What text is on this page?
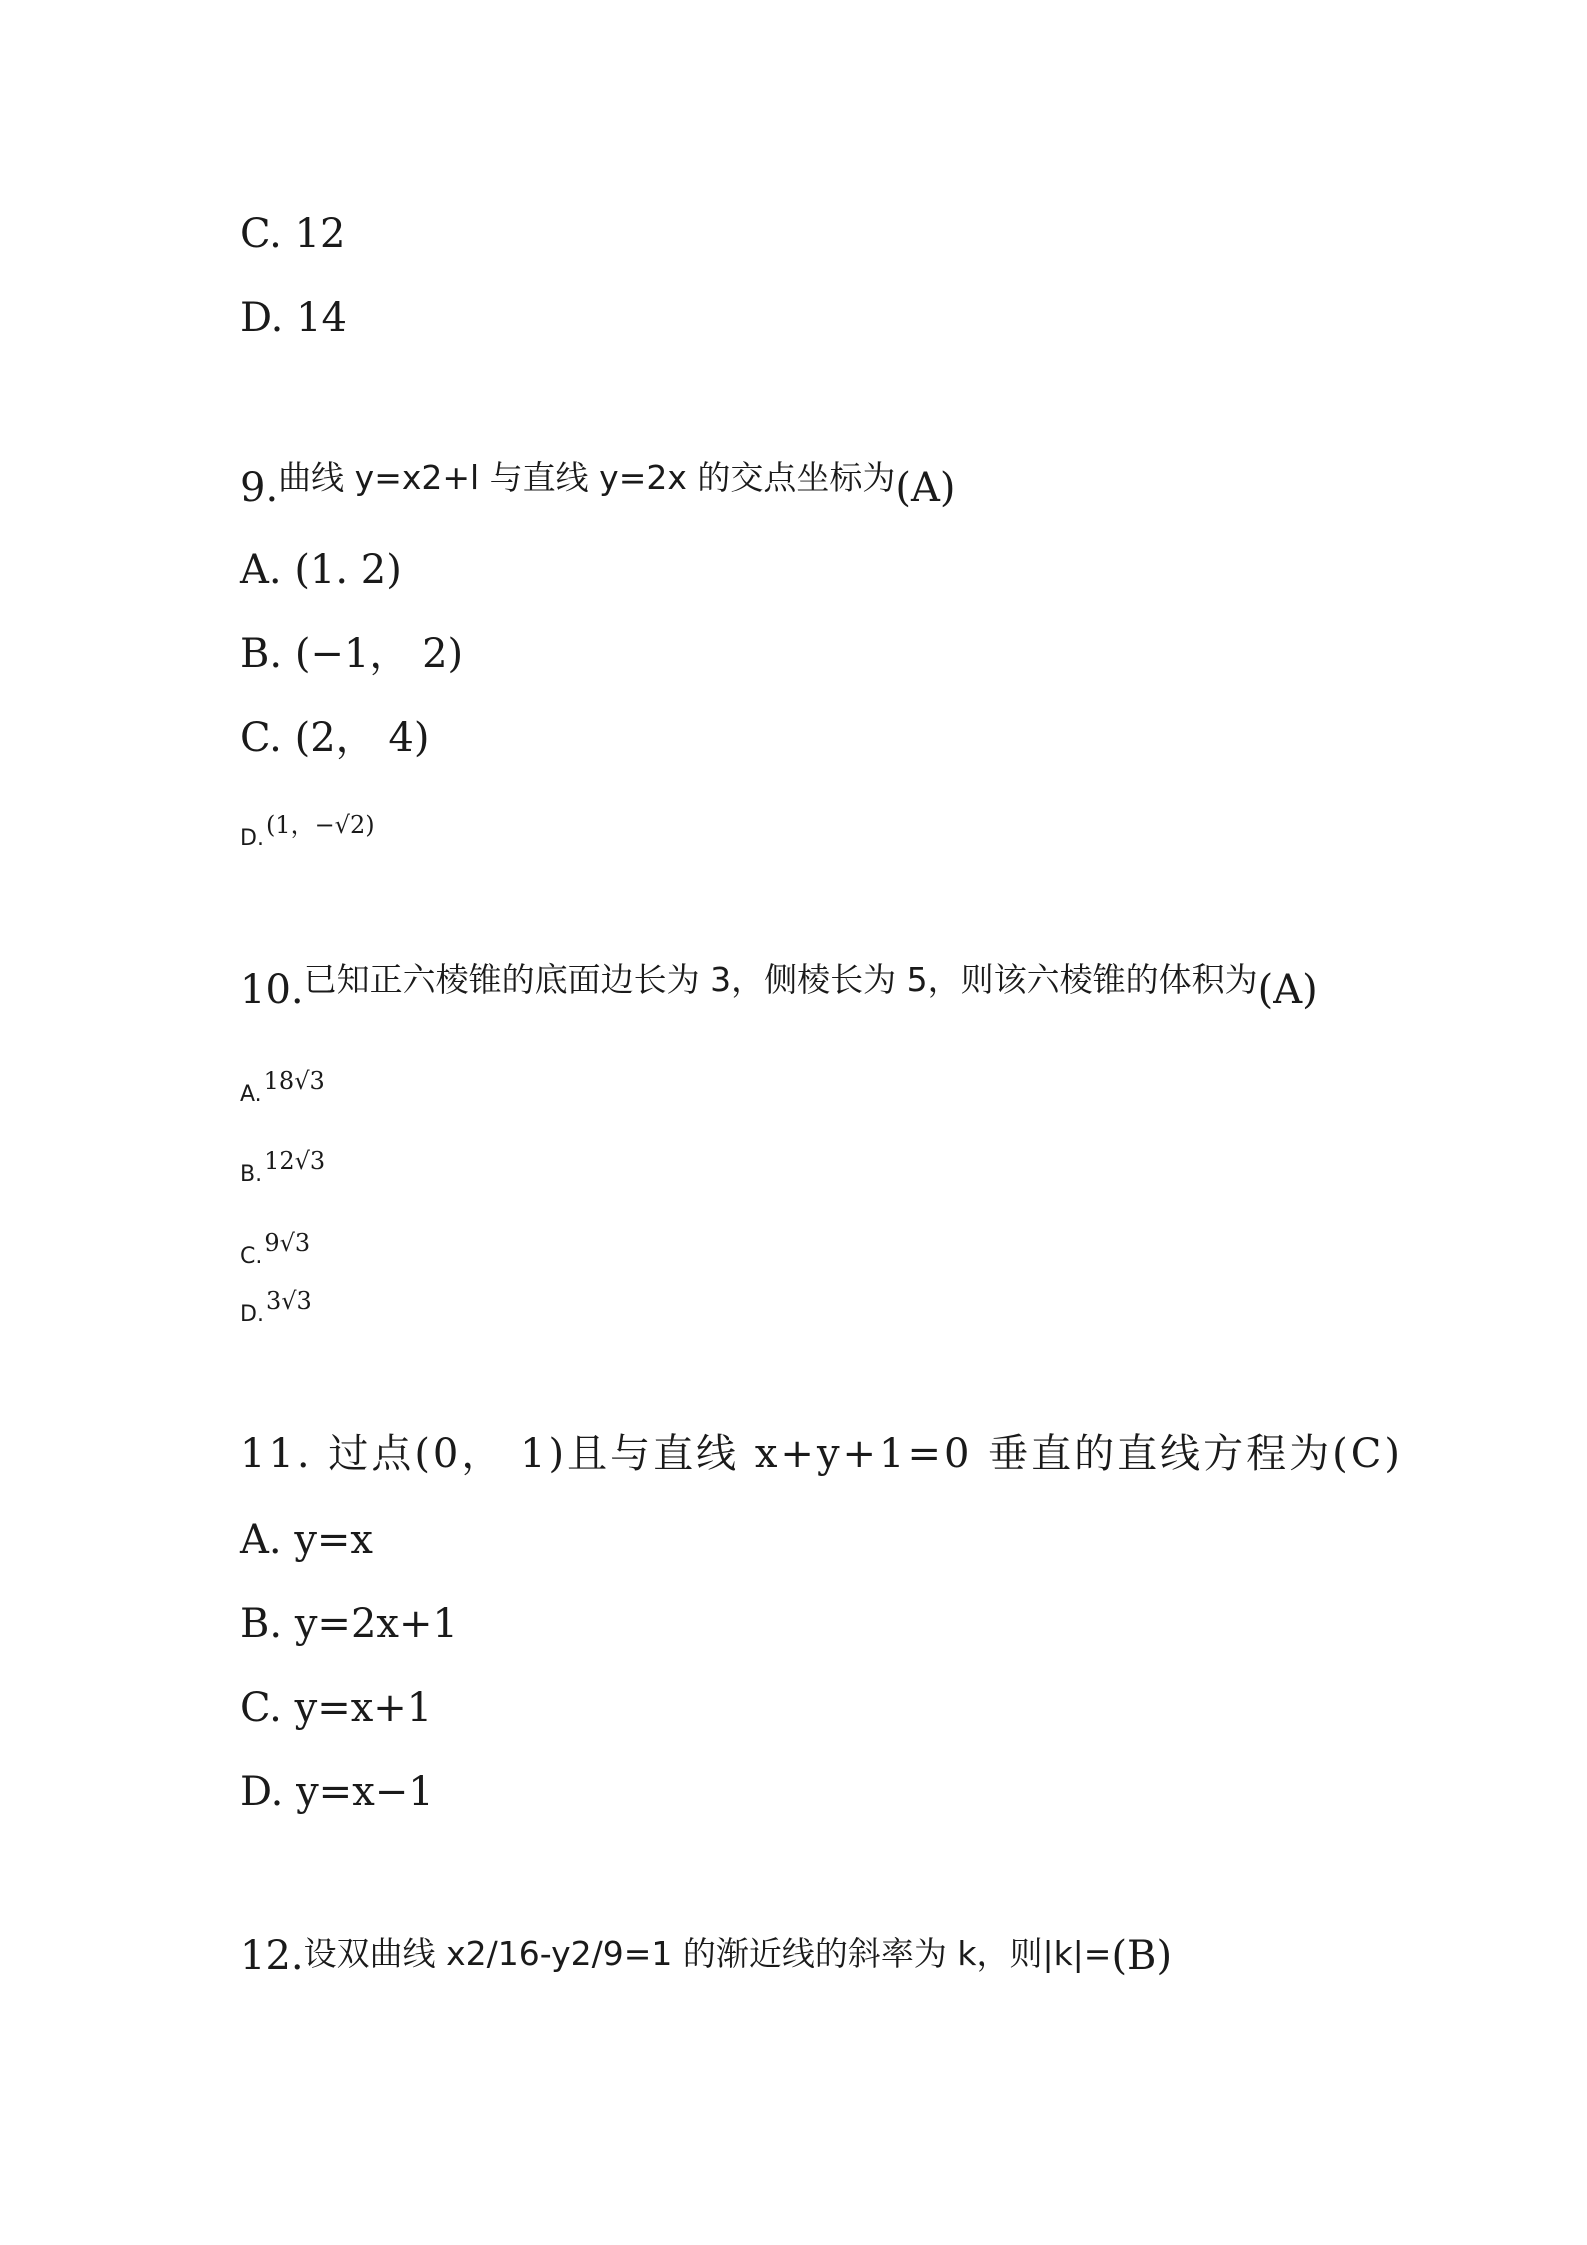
C. 12
D. 14
9.$^{曲线 y=x2+l 与直线 y=2x 的交点坐标为}$(A)
A. (1. 2)
B. (−1， 2)
C. (2， 4)
D.$^{(1,-√2)}$
10.$^{已知正六棱锥的底面边长为 3,侧棱长为 5,则该六棱锥的体积为}$(A)
A.$^{18√3}$
B.$^{12√3}$
C.$^{9√3}$
D.$^{3√3}$
11. 过点(0， 1)且与直线 x+y+1=0 垂直的直线方程为(C)
A. y=x
B. y=2x+1
C. y=x+1
D. y=x−1
12.设双曲线 x2/16-y2/9=1 的渐近线的斜率为 k，则|k|=(B)
